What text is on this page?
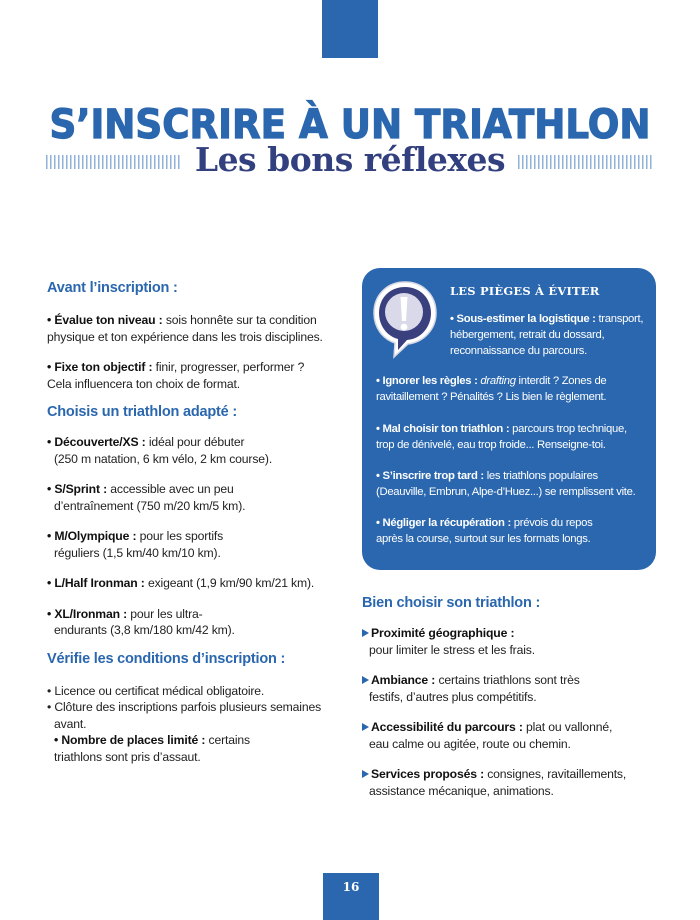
S’INSCRIRE À UN TRIATHLON
Les bons réflexes

Avant l’inscription :

• Évalue ton niveau : sois honnête sur ta condition
physique et ton expérience dans les trois disciplines.

• Fixe ton objectif : finir, progresser, performer ?
Cela influencera ton choix de format.

Choisis un triathlon adapté :

• Découverte/XS : idéal pour débuter
(250 m natation, 6 km vélo, 2 km course).

• S/Sprint : accessible avec un peu
d’entraînement (750 m/20 km/5 km).

• M/Olympique : pour les sportifs
réguliers (1,5 km/40 km/10 km).

• L/Half Ironman : exigeant (1,9 km/90 km/21 km).

• XL/Ironman : pour les ultra-
endurants (3,8 km/180 km/42 km).

Vérifie les conditions d’inscription :

• Licence ou certificat médical obligatoire.
• Clôture des inscriptions parfois plusieurs semaines
avant.
• Nombre de places limité : certains
triathlons sont pris d’assaut.

LES PIÈGES À ÉVITER
• Sous-estimer la logistique : transport,
hébergement, retrait du dossard,
reconnaissance du parcours.
• Ignorer les règles : drafting interdit ? Zones de
ravitaillement ? Pénalités ? Lis bien le règlement.
• Mal choisir ton triathlon : parcours trop technique,
trop de dénivelé, eau trop froide... Renseigne-toi.
• S’inscrire trop tard : les triathlons populaires
(Deauville, Embrun, Alpe-d’Huez...) se remplissent vite.
• Négliger la récupération : prévois du repos
après la course, surtout sur les formats longs.

Bien choisir son triathlon :

Proximité géographique :
pour limiter le stress et les frais.

Ambiance : certains triathlons sont très
festifs, d’autres plus compétitifs.

Accessibilité du parcours : plat ou vallonné,
eau calme ou agitée, route ou chemin.

Services proposés : consignes, ravitaillements,
assistance mécanique, animations.

16
